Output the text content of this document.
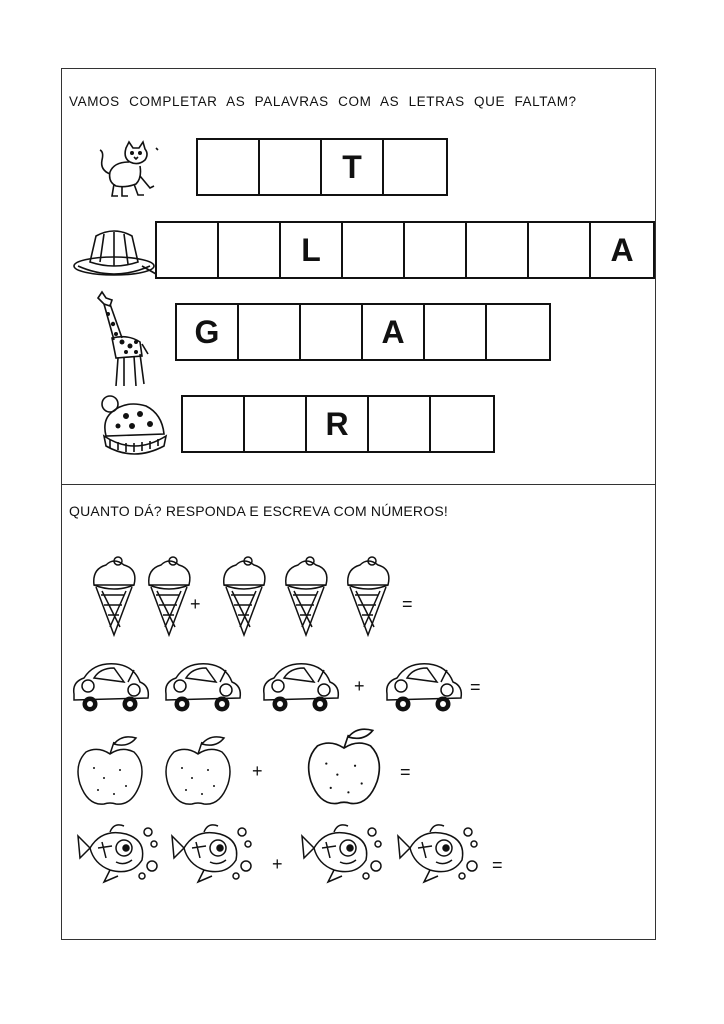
VAMOS COMPLETAR AS PALAVRAS COM AS LETRAS QUE FALTAM?
T
L	A
G	A
R
QUANTO DÁ? RESPONDA E ESCREVA COM NÚMEROS!
+	=
+	=
+	=
+	=
